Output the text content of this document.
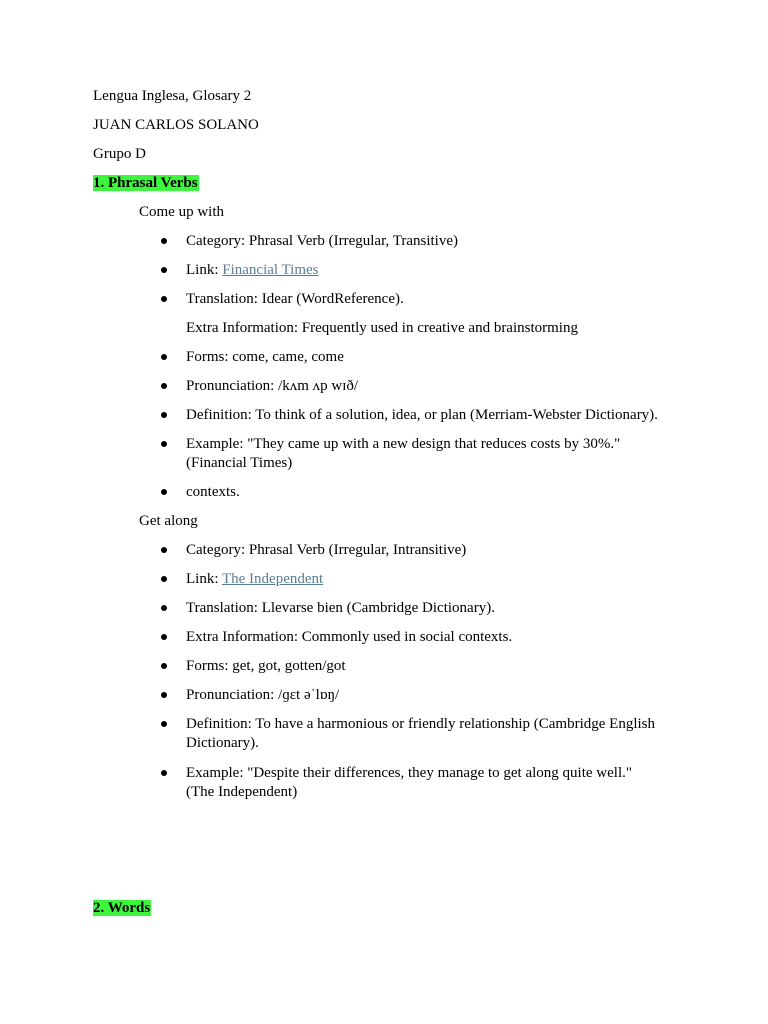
Lengua Inglesa, Glosary 2
JUAN CARLOS SOLANO
Grupo D
1. Phrasal Verbs
Come up with
Category: Phrasal Verb (Irregular, Transitive)
Link: Financial Times
Translation: Idear (WordReference).
Extra Information: Frequently used in creative and brainstorming
Forms: come, came, come
Pronunciation: /kʌm ʌp wɪð/
Definition: To think of a solution, idea, or plan (Merriam-Webster Dictionary).
Example: "They came up with a new design that reduces costs by 30%."
(Financial Times)
contexts.
Get along
Category: Phrasal Verb (Irregular, Intransitive)
Link: The Independent
Translation: Llevarse bien (Cambridge Dictionary).
Extra Information: Commonly used in social contexts.
Forms: get, got, gotten/got
Pronunciation: /ɡɛt əˈlɒŋ/
Definition: To have a harmonious or friendly relationship (Cambridge English
Dictionary).
Example: "Despite their differences, they manage to get along quite well."
(The Independent)
2. Words
